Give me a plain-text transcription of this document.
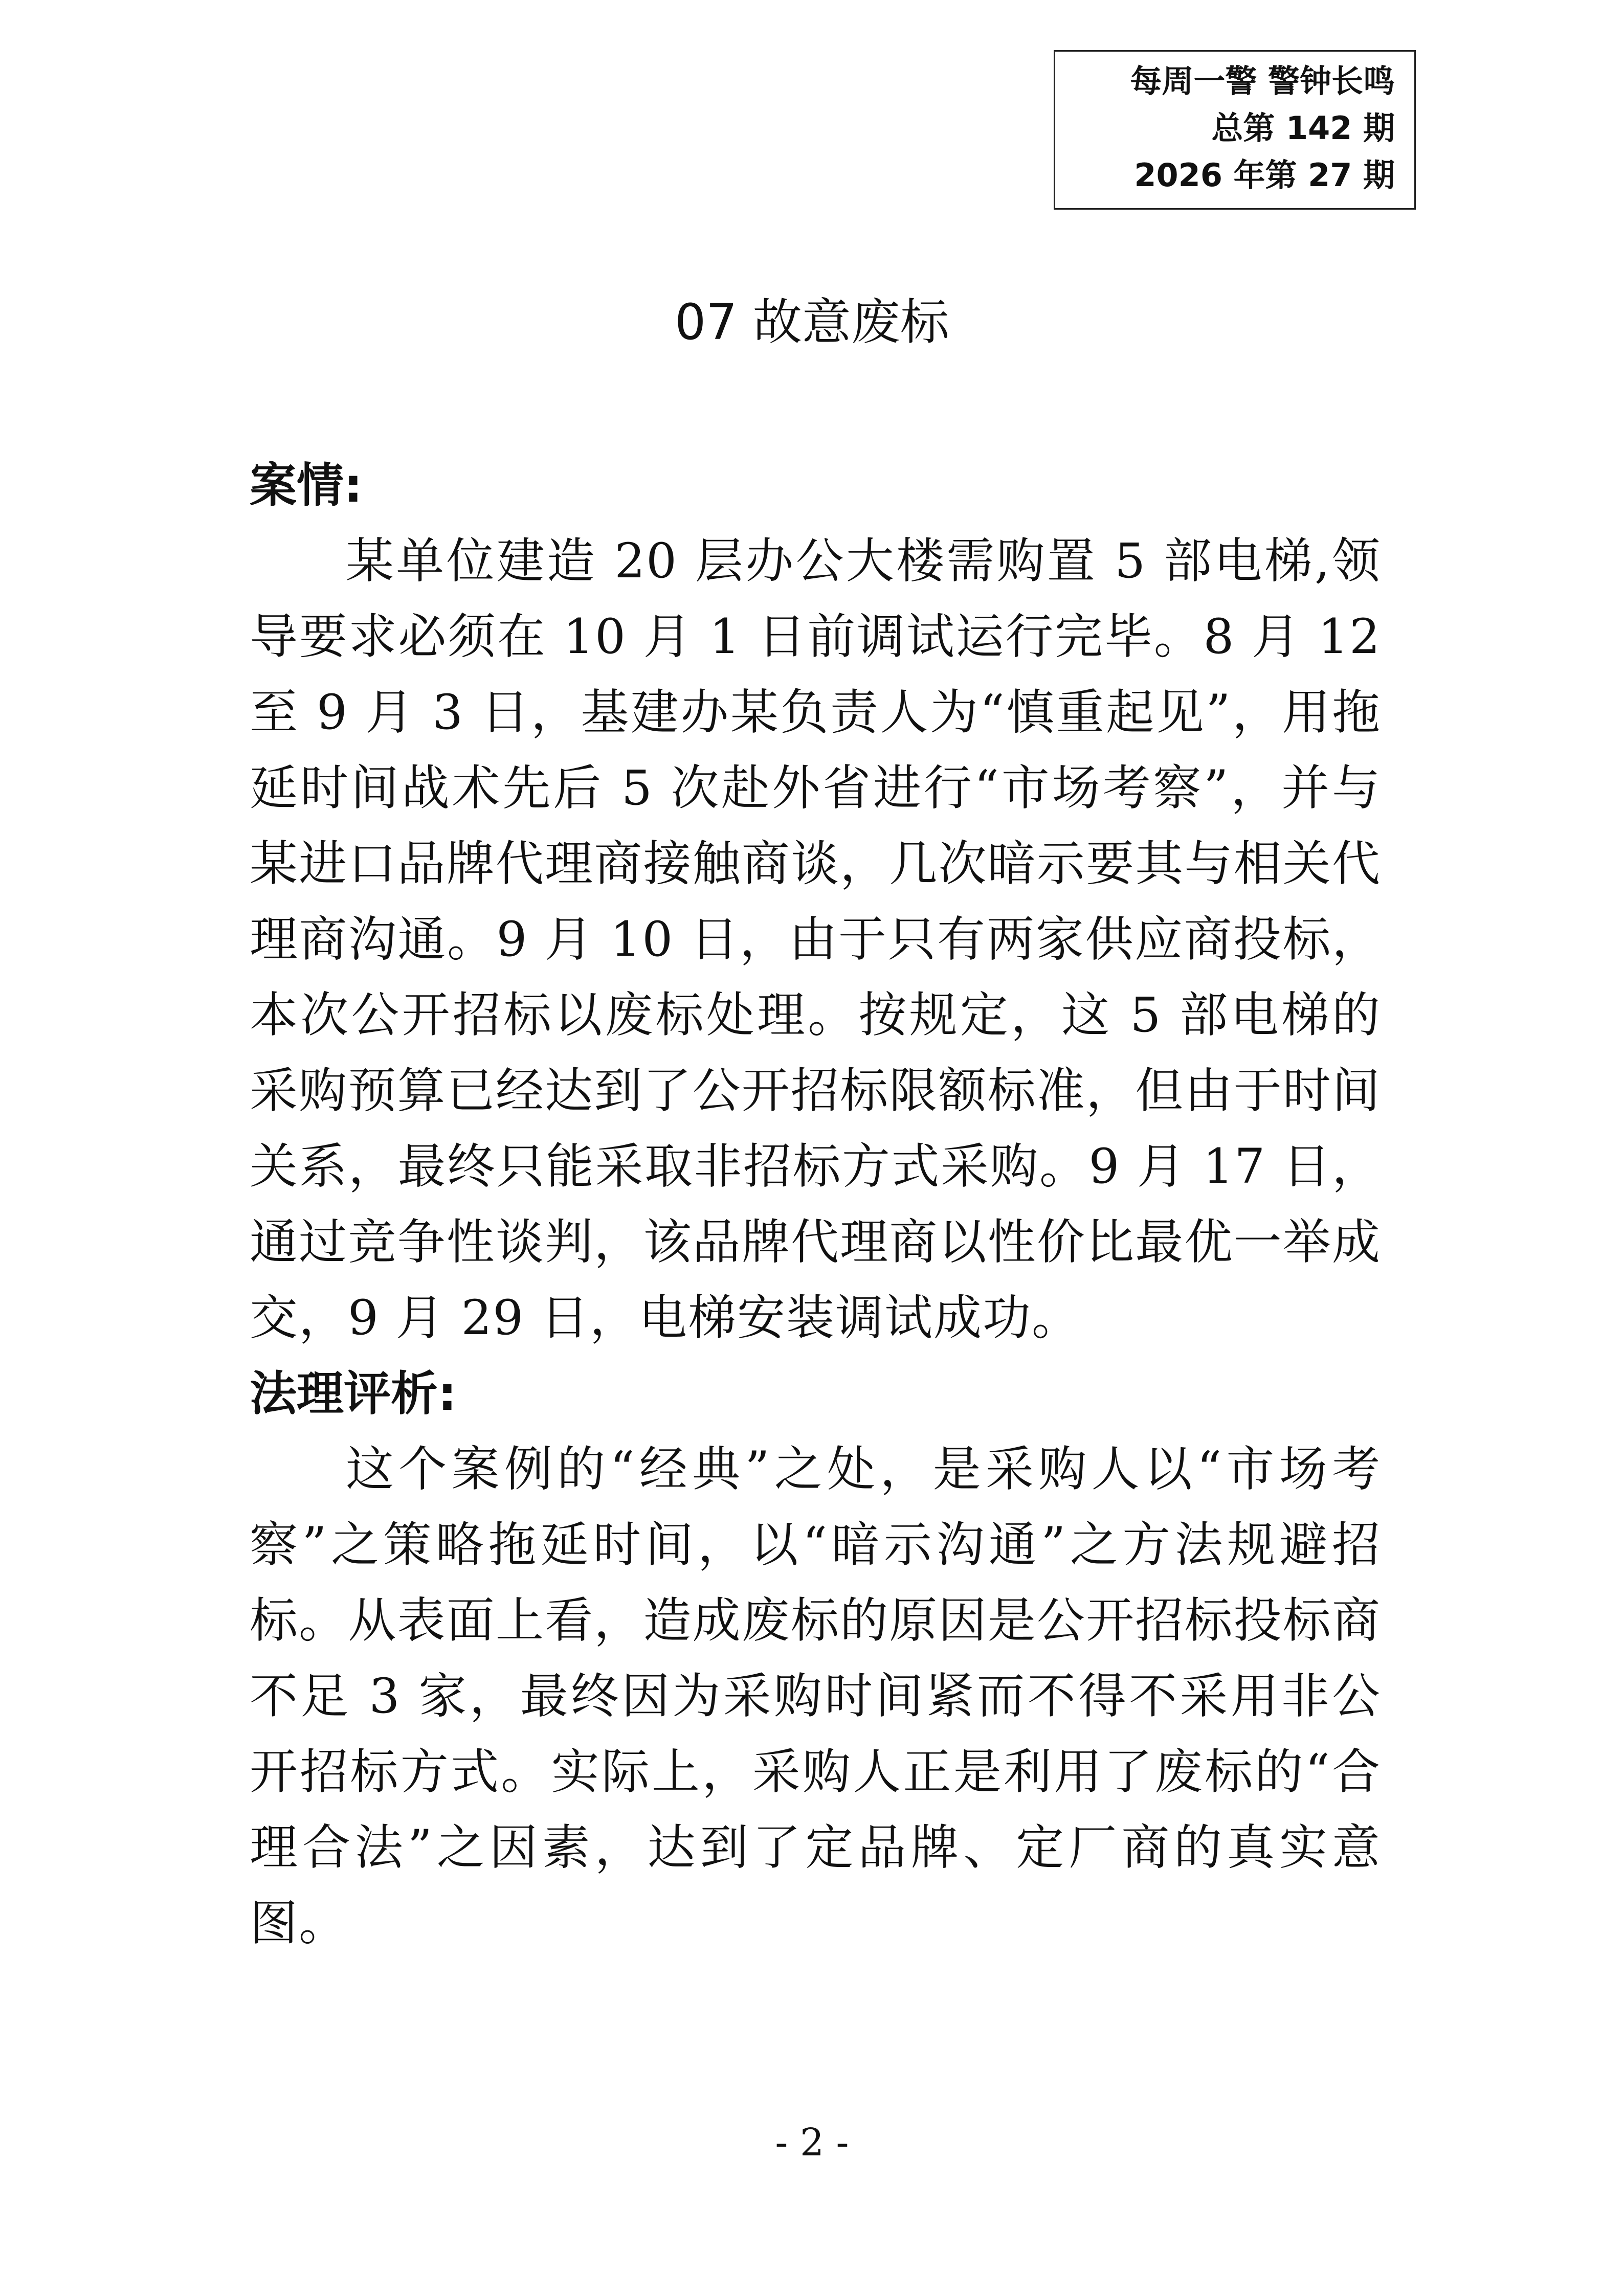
每周一警 警钟长鸣
总第 142 期
2026 年第 27 期
07 故意废标
案情:

某单位建造 20 层办公大楼需购置 5 部电梯,领导要求必须在 10 月 1 日前调试运行完毕。8 月 12 至 9 月 3 日，基建办某负责人为“慎重起见”，用拖延时间战术先后 5 次赴外省进行“市场考察”，并与某进口品牌代理商接触商谈，几次暗示要其与相关代理商沟通。9 月 10 日，由于只有两家供应商投标，本次公开招标以废标处理。按规定，这 5 部电梯的采购预算已经达到了公开招标限额标准，但由于时间关系，最终只能采取非招标方式采购。9 月 17 日，通过竞争性谈判，该品牌代理商以性价比最优一举成交，9 月 29 日，电梯安装调试成功。

法理评析:

这个案例的“经典”之处，是采购人以“市场考察”之策略拖延时间，以“暗示沟通”之方法规避招标。从表面上看，造成废标的原因是公开招标投标商不足 3 家，最终因为采购时间紧而不得不采用非公开招标方式。实际上，采购人正是利用了废标的“合理合法”之因素，达到了定品牌、定厂商的真实意图。

- 2 -
